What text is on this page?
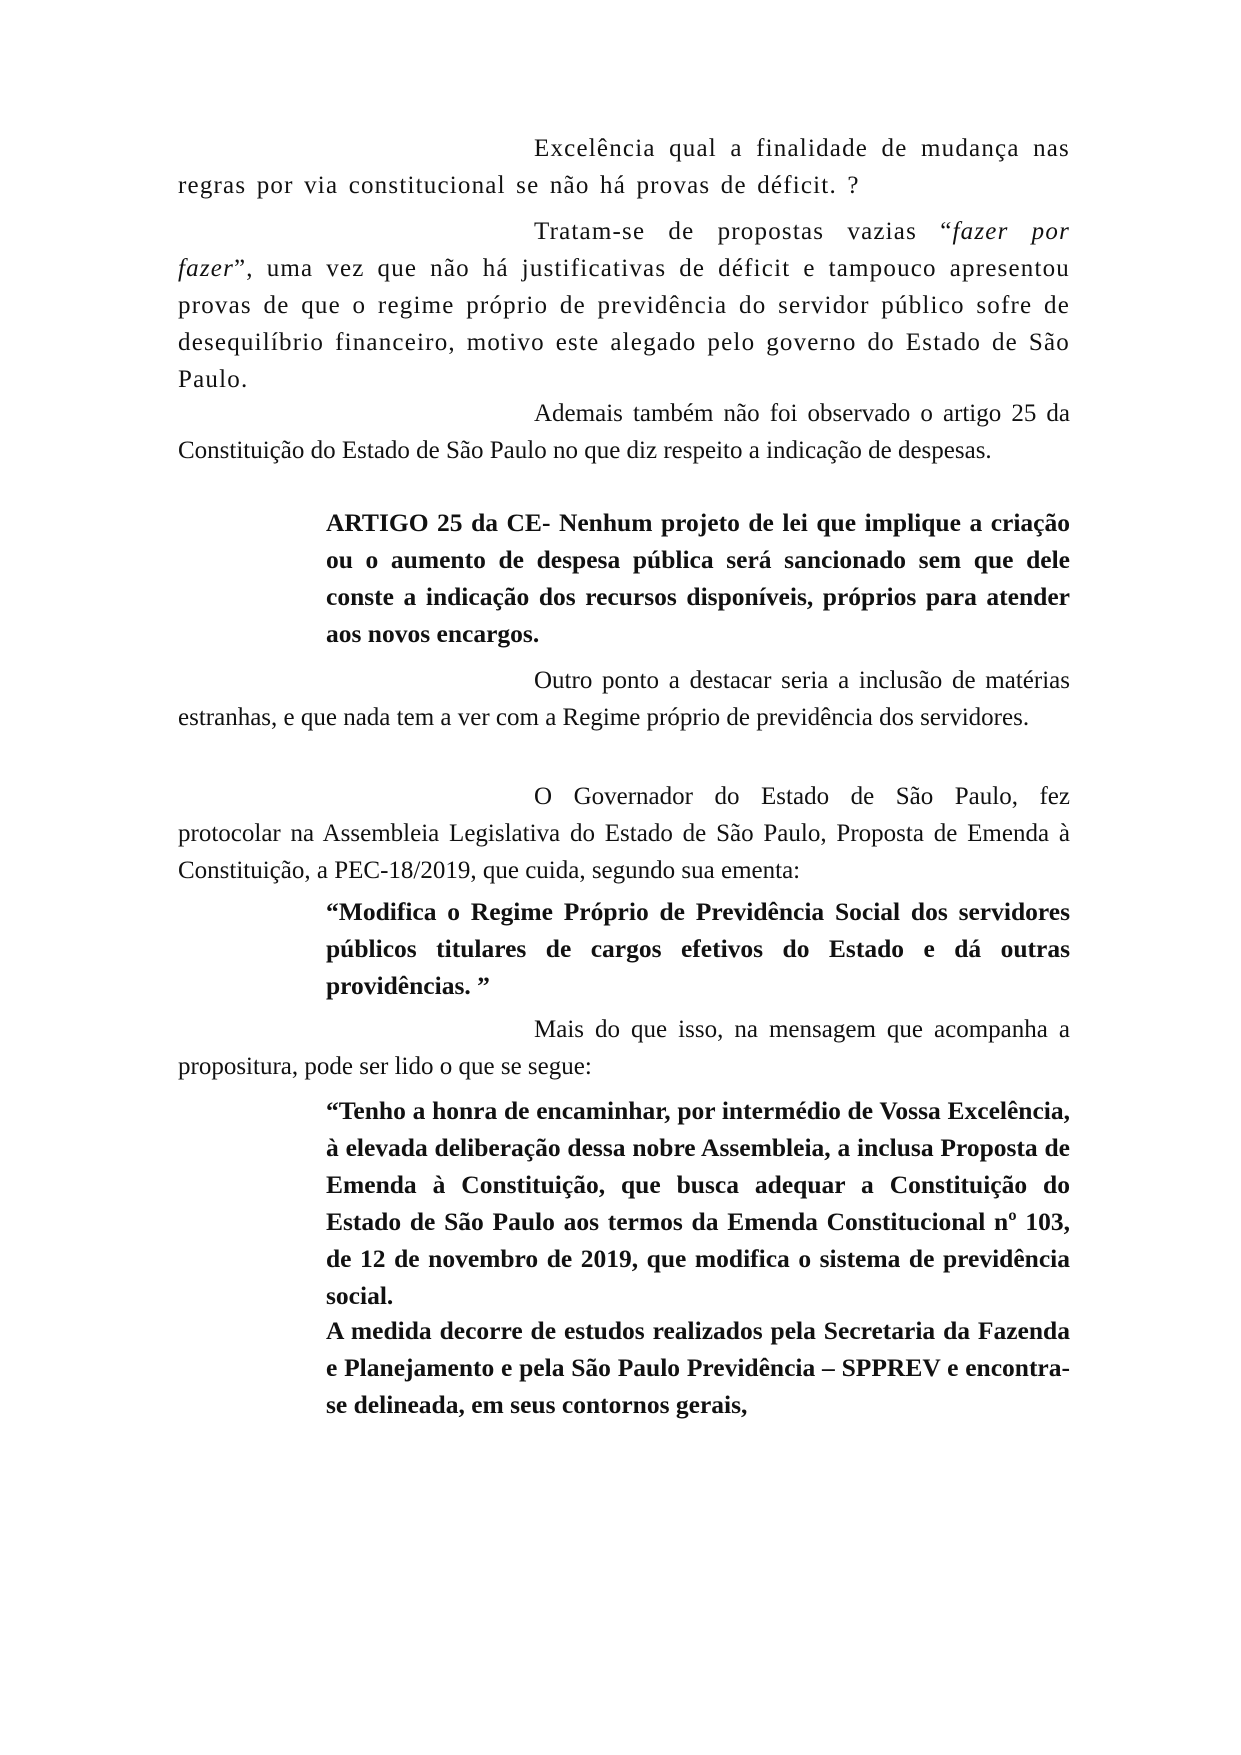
Excelência qual a finalidade de mudança nas regras por via constitucional se não há provas de déficit. ?

Tratam-se de propostas vazias “fazer por fazer”, uma vez que não há justificativas de déficit e tampouco apresentou provas de que o regime próprio de previdência do servidor público sofre de desequilíbrio financeiro, motivo este alegado pelo governo do Estado de São Paulo.

Ademais também não foi observado o artigo 25 da Constituição do Estado de São Paulo no que diz respeito a indicação de despesas.

ARTIGO 25 da CE- Nenhum projeto de lei que implique a criação ou o aumento de despesa pública será sancionado sem que dele conste a indicação dos recursos disponíveis, próprios para atender aos novos encargos.

Outro ponto a destacar seria a inclusão de matérias estranhas, e que nada tem a ver com a Regime próprio de previdência dos servidores.

O Governador do Estado de São Paulo, fez protocolar na Assembleia Legislativa do Estado de São Paulo, Proposta de Emenda à Constituição, a PEC-18/2019, que cuida, segundo sua ementa:

“Modifica o Regime Próprio de Previdência Social dos servidores públicos titulares de cargos efetivos do Estado e dá outras providências. ”

Mais do que isso, na mensagem que acompanha a propositura, pode ser lido o que se segue:

“Tenho a honra de encaminhar, por intermédio de Vossa Excelência, à elevada deliberação dessa nobre Assembleia, a inclusa Proposta de Emenda à Constituição, que busca adequar a Constituição do Estado de São Paulo aos termos da Emenda Constitucional nº 103, de 12 de novembro de 2019, que modifica o sistema de previdência social.

A medida decorre de estudos realizados pela Secretaria da Fazenda e Planejamento e pela São Paulo Previdência – SPPREV e encontra-se delineada, em seus contornos gerais,
